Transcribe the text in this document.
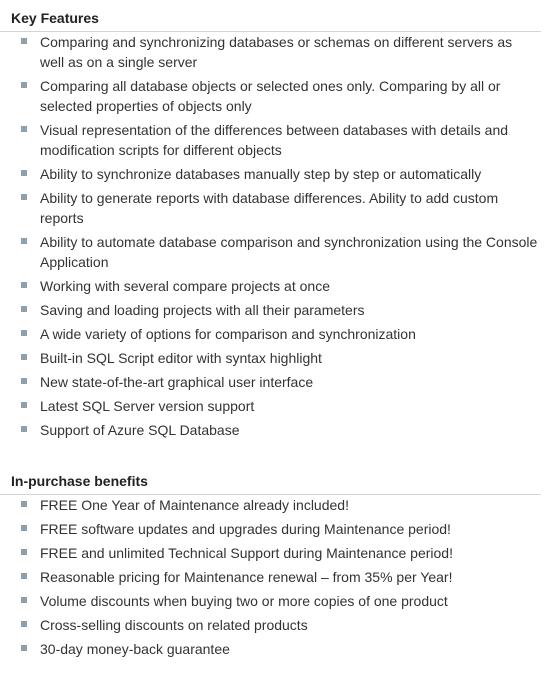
Key Features
Comparing and synchronizing databases or schemas on different servers as well as on a single server
Comparing all database objects or selected ones only. Comparing by all or selected properties of objects only
Visual representation of the differences between databases with details and modification scripts for different objects
Ability to synchronize databases manually step by step or automatically
Ability to generate reports with database differences. Ability to add custom reports
Ability to automate database comparison and synchronization using the Console Application
Working with several compare projects at once
Saving and loading projects with all their parameters
A wide variety of options for comparison and synchronization
Built-in SQL Script editor with syntax highlight
New state-of-the-art graphical user interface
Latest SQL Server version support
Support of Azure SQL Database
In-purchase benefits
FREE One Year of Maintenance already included!
FREE software updates and upgrades during Maintenance period!
FREE and unlimited Technical Support during Maintenance period!
Reasonable pricing for Maintenance renewal – from 35% per Year!
Volume discounts when buying two or more copies of one product
Cross-selling discounts on related products
30-day money-back guarantee
